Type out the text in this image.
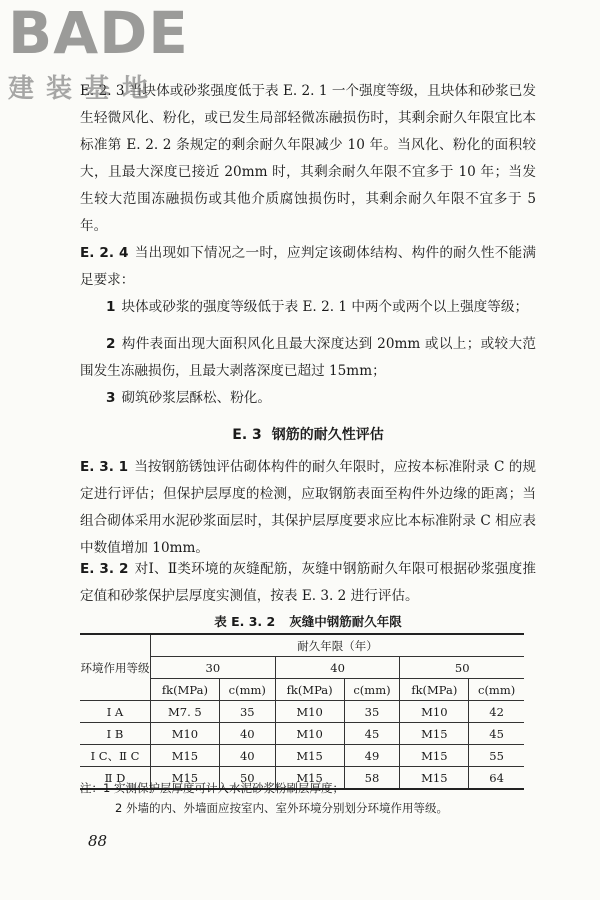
BADE
建装基地
E. 2. 3 当块体或砂浆强度低于表 E. 2. 1 一个强度等级，且块体和砂浆已发生轻微风化、粉化，或已发生局部轻微冻融损伤时，其剩余耐久年限宜比本标准第 E. 2. 2 条规定的剩余耐久年限减少 10 年。当风化、粉化的面积较大，且最大深度已接近 20mm 时，其剩余耐久年限不宜多于 10 年；当发生较大范围冻融损伤或其他介质腐蚀损伤时，其剩余耐久年限不宜多于 5 年。
E. 2. 4 当出现如下情况之一时，应判定该砌体结构、构件的耐久性不能满足要求：
1 块体或砂浆的强度等级低于表 E. 2. 1 中两个或两个以上强度等级；
2 构件表面出现大面积风化且最大深度达到 20mm 或以上；或较大范围发生冻融损伤，且最大剥落深度已超过 15mm；
3 砌筑砂浆层酥松、粉化。
E. 3 钢筋的耐久性评估
E. 3. 1 当按钢筋锈蚀评估砌体构件的耐久年限时，应按本标准附录 C 的规定进行评估；但保护层厚度的检测，应取钢筋表面至构件外边缘的距离；当组合砌体采用水泥砂浆面层时，其保护层厚度要求应比本标准附录 C 相应表中数值增加 10mm。
E. 3. 2 对Ⅰ、Ⅱ类环境的灰缝配筋，灰缝中钢筋耐久年限可根据砂浆强度推定值和砂浆保护层厚度实测值，按表 E. 3. 2 进行评估。
表 E. 3. 2 灰缝中钢筋耐久年限
环境作用等级	耐久年限（年）					
	30		40		50	
	fk(MPa)	c(mm)	fk(MPa)	c(mm)	fk(MPa)	c(mm)
Ⅰ A	M7. 5	35	M10	35	M10	42
Ⅰ B	M10	40	M10	45	M15	45
Ⅰ C、Ⅱ C	M15	40	M15	49	M15	55
Ⅱ D	M15	50	M15	58	M15	64
注：1 实测保护层厚度可计入水泥砂浆粉刷层厚度；
2 外墙的内、外墙面应按室内、室外环境分别划分环境作用等级。
88
